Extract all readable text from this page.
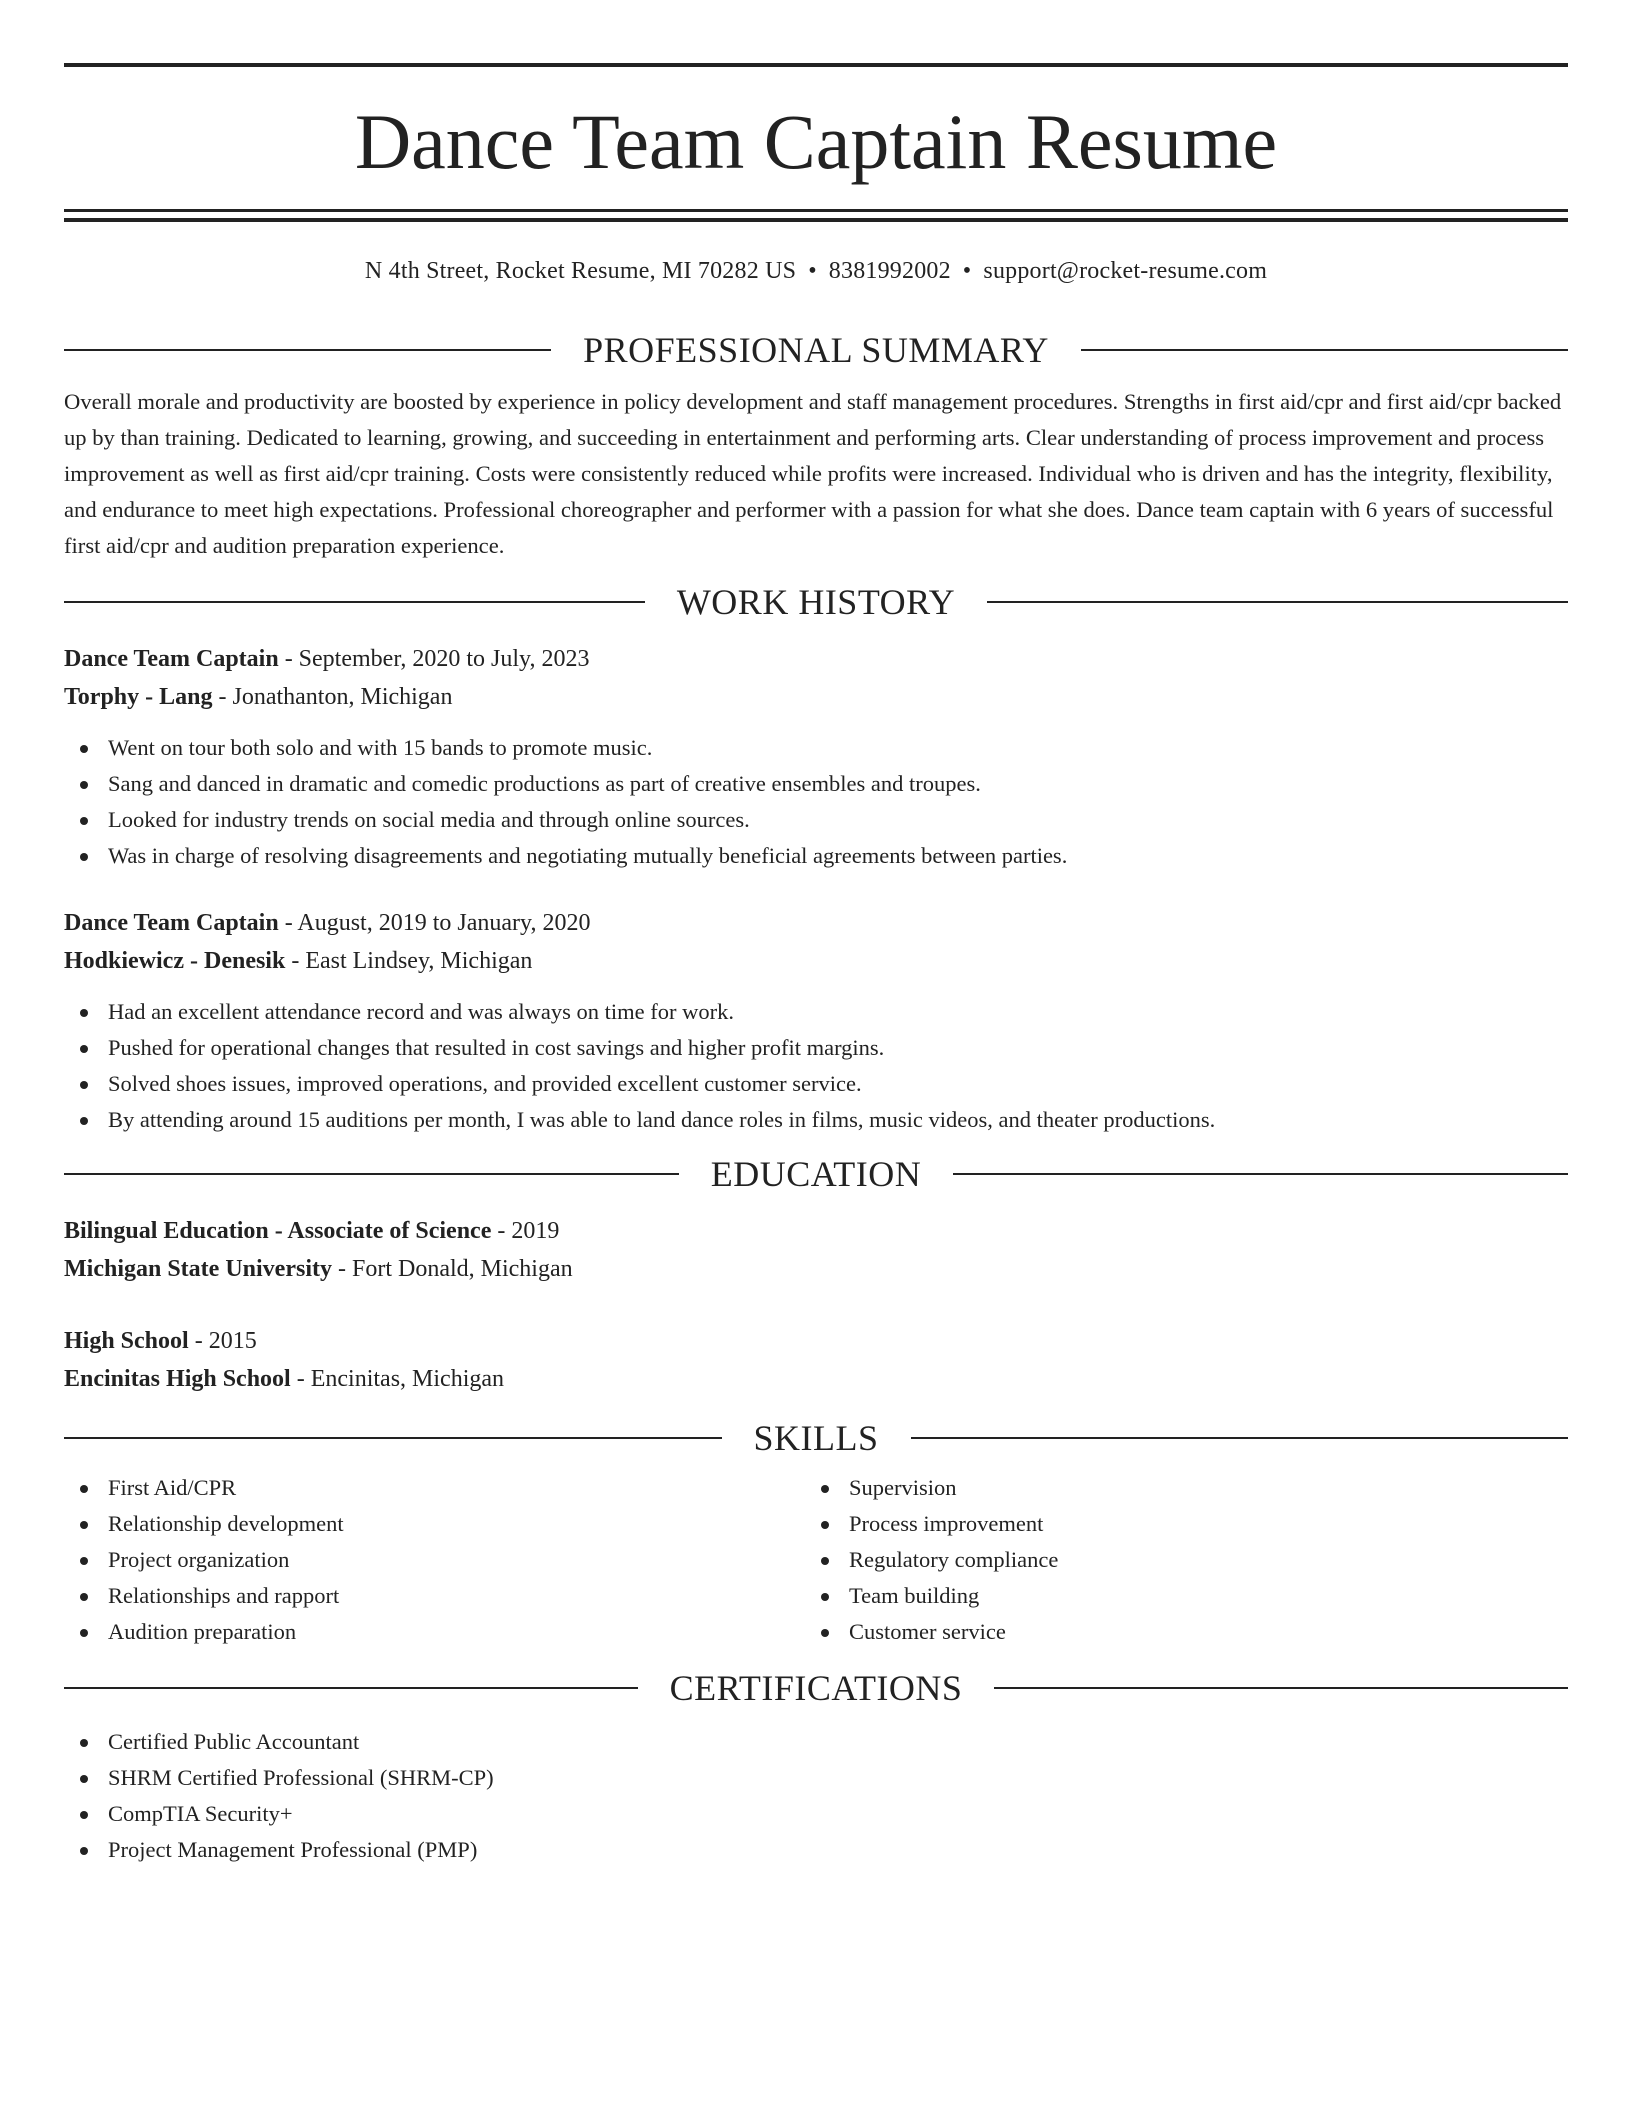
Dance Team Captain Resume
N 4th Street, Rocket Resume, MI 70282 US • 8381992002 • support@rocket-resume.com
PROFESSIONAL SUMMARY

Overall morale and productivity are boosted by experience in policy development and staff management procedures. Strengths in first aid/cpr and first aid/cpr backed up by than training. Dedicated to learning, growing, and succeeding in entertainment and performing arts. Clear understanding of process improvement and process improvement as well as first aid/cpr training. Costs were consistently reduced while profits were increased. Individual who is driven and has the integrity, flexibility, and endurance to meet high expectations. Professional choreographer and performer with a passion for what she does. Dance team captain with 6 years of successful first aid/cpr and audition preparation experience.

WORK HISTORY
Dance Team Captain - September, 2020 to July, 2023
Torphy - Lang - Jonathanton, Michigan
Went on tour both solo and with 15 bands to promote music.
Sang and danced in dramatic and comedic productions as part of creative ensembles and troupes.
Looked for industry trends on social media and through online sources.
Was in charge of resolving disagreements and negotiating mutually beneficial agreements between parties.
Dance Team Captain - August, 2019 to January, 2020
Hodkiewicz - Denesik - East Lindsey, Michigan
Had an excellent attendance record and was always on time for work.
Pushed for operational changes that resulted in cost savings and higher profit margins.
Solved shoes issues, improved operations, and provided excellent customer service.
By attending around 15 auditions per month, I was able to land dance roles in films, music videos, and theater productions.
EDUCATION
Bilingual Education - Associate of Science - 2019
Michigan State University - Fort Donald, Michigan
High School - 2015
Encinitas High School - Encinitas, Michigan
SKILLS
First Aid/CPR
Relationship development
Project organization
Relationships and rapport
Audition preparation
Supervision
Process improvement
Regulatory compliance
Team building
Customer service
CERTIFICATIONS
Certified Public Accountant
SHRM Certified Professional (SHRM-CP)
CompTIA Security+
Project Management Professional (PMP)
